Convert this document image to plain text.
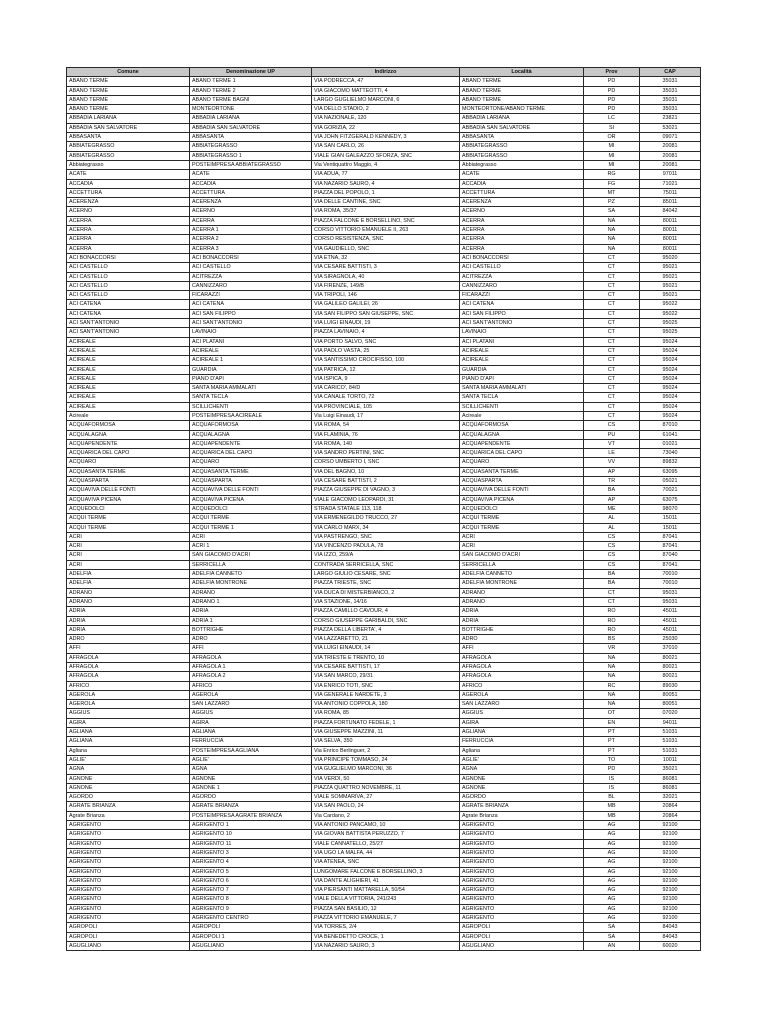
Comune	Denominazione UP	Indirizzo	Località	Prov	CAP
ABANO TERME	ABANO TERME 1	VIA PODRECCA, 47	ABANO TERME	PD	35031
ABANO TERME	ABANO TERME 2	VIA GIACOMO MATTEOTTI, 4	ABANO TERME	PD	35031
ABANO TERME	ABANO TERME BAGNI	LARGO GUGLIELMO MARCONI, 6	ABANO TERME	PD	35031
ABANO TERME	MONTEORTONE	VIA DELLO STADIO, 2	MONTEORTONE/ABANO TERME	PD	35031
ABBADIA LARIANA	ABBADIA LARIANA	VIA NAZIONALE, 120	ABBADIA LARIANA	LC	23821
ABBADIA SAN SALVATORE	ABBADIA SAN SALVATORE	VIA GORIZIA, 22	ABBADIA SAN SALVATORE	SI	53021
ABBASANTA	ABBASANTA	VIA JOHN FITZGERALD KENNEDY, 3	ABBASANTA	OR	09071
ABBIATEGRASSO	ABBIATEGRASSO	VIA SAN CARLO, 26	ABBIATEGRASSO	MI	20081
ABBIATEGRASSO	ABBIATEGRASSO 1	VIALE GIAN GALEAZZO SFORZA, SNC	ABBIATEGRASSO	MI	20081
Abbiategrasso	POSTEIMPRESA ABBIATEGRASSO	Via Ventiquattro Maggio, 4	Abbiategrasso	MI	20081
ACATE	ACATE	VIA ADUA, 77	ACATE	RG	97011
ACCADIA	ACCADIA	VIA NAZARIO SAURO, 4	ACCADIA	FG	71021
ACCETTURA	ACCETTURA	PIAZZA DEL POPOLO, 1	ACCETTURA	MT	75011
ACERENZA	ACERENZA	VIA DELLE CANTINE, SNC	ACERENZA	PZ	85011
ACERNO	ACERNO	VIA ROMA, 35/37	ACERNO	SA	84042
ACERRA	ACERRA	PIAZZA FALCONE E BORSELLINO, SNC	ACERRA	NA	80011
ACERRA	ACERRA 1	CORSO VITTORIO EMANUELE II, 263	ACERRA	NA	80011
ACERRA	ACERRA 2	CORSO RESISTENZA, SNC	ACERRA	NA	80011
ACERRA	ACERRA 3	VIA GAUDIELLO, SNC	ACERRA	NA	80011
ACI BONACCORSI	ACI BONACCORSI	VIA ETNA, 32	ACI BONACCORSI	CT	95020
ACI CASTELLO	ACI CASTELLO	VIA CESARE BATTISTI, 3	ACI CASTELLO	CT	95021
ACI CASTELLO	ACITREZZA	VIA SIRAGNOLA, 40	ACITREZZA	CT	95021
ACI CASTELLO	CANNIZZARO	VIA FIRENZE, 149/B	CANNIZZARO	CT	95021
ACI CASTELLO	FICARAZZI	VIA TRIPOLI, 146	FICARAZZI	CT	95021
ACI CATENA	ACI CATENA	VIA GALILEO GALILEI, 26	ACI CATENA	CT	95022
ACI CATENA	ACI SAN FILIPPO	VIA SAN FILIPPO SAN GIUSEPPE, SNC	ACI SAN FILIPPO	CT	95022
ACI SANT'ANTONIO	ACI SANT'ANTONIO	VIA LUIGI EINAUDI, 19	ACI SANT'ANTONIO	CT	95025
ACI SANT'ANTONIO	LAVINAIO	PIAZZA LAVINAIO, 4	LAVINAIO	CT	95025
ACIREALE	ACI PLATANI	VIA PORTO SALVO, SNC	ACI PLATANI	CT	95024
ACIREALE	ACIREALE	VIA PAOLO VASTA, 25	ACIREALE	CT	95024
ACIREALE	ACIREALE 1	VIA SANTISSIMO CROCIFISSO, 100	ACIREALE	CT	95024
ACIREALE	GUARDIA	VIA PATRICA, 12	GUARDIA	CT	95024
ACIREALE	PIANO D'API	VIA ISPICA, 9	PIANO D'API	CT	95024
ACIREALE	SANTA MARIA AMMALATI	VIA CARICO', 84/D	SANTA MARIA AMMALATI	CT	95024
ACIREALE	SANTA TECLA	VIA CANALE TORTO, 72	SANTA TECLA	CT	95024
ACIREALE	SCILLICHENTI	VIA PROVINCIALE, 105	SCILLICHENTI	CT	95024
Acireale	POSTEIMPRESA ACIREALE	Via Luigi Einaudi, 17	Acireale	CT	95024
ACQUAFORMOSA	ACQUAFORMOSA	VIA ROMA, 54	ACQUAFORMOSA	CS	87010
ACQUALAGNA	ACQUALAGNA	VIA FLAMINIA, 76	ACQUALAGNA	PU	61041
ACQUAPENDENTE	ACQUAPENDENTE	VIA ROMA, 140	ACQUAPENDENTE	VT	01021
ACQUARICA DEL CAPO	ACQUARICA DEL CAPO	VIA SANDRO PERTINI, SNC	ACQUARICA DEL CAPO	LE	73040
ACQUARO	ACQUARO	CORSO UMBERTO I, SNC	ACQUARO	VV	89832
ACQUASANTA TERME	ACQUASANTA TERME	VIA DEL BAGNO, 10	ACQUASANTA TERME	AP	63095
ACQUASPARTA	ACQUASPARTA	VIA CESARE BATTISTI, 2	ACQUASPARTA	TR	05021
ACQUAVIVA DELLE FONTI	ACQUAVIVA DELLE FONTI	PIAZZA GIUSEPPE DI VAGNO, 3	ACQUAVIVA DELLE FONTI	BA	70021
ACQUAVIVA PICENA	ACQUAVIVA PICENA	VIALE GIACOMO LEOPARDI, 31	ACQUAVIVA PICENA	AP	63075
ACQUEDOLCI	ACQUEDOLCI	STRADA STATALE 113, 118	ACQUEDOLCI	ME	98070
ACQUI TERME	ACQUI TERME	VIA ERMENEGILDO TRUCCO, 27	ACQUI TERME	AL	15011
ACQUI TERME	ACQUI TERME 1	VIA CARLO MARX, 34	ACQUI TERME	AL	15011
ACRI	ACRI	VIA PASTRENGO, SNC	ACRI	CS	87041
ACRI	ACRI 1	VIA VINCENZO PADULA, 78	ACRI	CS	87041
ACRI	SAN GIACOMO D'ACRI	VIA IZZO, 259/A	SAN GIACOMO D'ACRI	CS	87040
ACRI	SERRICELLA	CONTRADA SERRICELLA, SNC	SERRICELLA	CS	87041
ADELFIA	ADELFIA CANNETO	LARGO GIULIO CESARE, SNC	ADELFIA CANNETO	BA	70010
ADELFIA	ADELFIA MONTRONE	PIAZZA TRIESTE, SNC	ADELFIA MONTRONE	BA	70010
ADRANO	ADRANO	VIA DUCA DI MISTERBIANCO, 2	ADRANO	CT	95031
ADRANO	ADRANO 1	VIA STAZIONE, 14/16	ADRANO	CT	95031
ADRIA	ADRIA	PIAZZA CAMILLO CAVOUR, 4	ADRIA	RO	45011
ADRIA	ADRIA 1	CORSO GIUSEPPE GARIBALDI, SNC	ADRIA	RO	45011
ADRIA	BOTTRIGHE	PIAZZA DELLA LIBERTA', 4	BOTTRIGHE	RO	45011
ADRO	ADRO	VIA LAZZARETTO, 21	ADRO	BS	25030
AFFI	AFFI	VIA LUIGI EINAUDI, 14	AFFI	VR	37010
AFRAGOLA	AFRAGOLA	VIA TRIESTE E TRENTO, 10	AFRAGOLA	NA	80021
AFRAGOLA	AFRAGOLA 1	VIA CESARE BATTISTI, 17	AFRAGOLA	NA	80021
AFRAGOLA	AFRAGOLA 2	VIA SAN MARCO, 29/31	AFRAGOLA	NA	80021
AFRICO	AFRICO	VIA ENRICO TOTI, SNC	AFRICO	RC	89030
AGEROLA	AGEROLA	VIA GENERALE NARDETE, 3	AGEROLA	NA	80051
AGEROLA	SAN LAZZARO	VIA ANTONIO COPPOLA, 180	SAN LAZZARO	NA	80051
AGGIUS	AGGIUS	VIA ROMA, 85	AGGIUS	OT	07020
AGIRA	AGIRA	PIAZZA FORTUNATO FEDELE, 1	AGIRA	EN	94011
AGLIANA	AGLIANA	VIA GIUSEPPE MAZZINI, 11	AGLIANA	PT	51031
AGLIANA	FERRUCCIA	VIA SELVA, 350	FERRUCCIA	PT	51031
Agliana	POSTEIMPRESA AGLIANA	Via Enrico Berlinguer, 2	Agliana	PT	51031
AGLIE'	AGLIE'	VIA PRINCIPE TOMMASO, 24	AGLIE'	TO	10011
AGNA	AGNA	VIA GUGLIELMO MARCONI, 36	AGNA	PD	35021
AGNONE	AGNONE	VIA VERDI, 50	AGNONE	IS	86081
AGNONE	AGNONE 1	PIAZZA QUATTRO NOVEMBRE, 11	AGNONE	IS	86081
AGORDO	AGORDO	VIALE SOMMARIVA, 27	AGORDO	BL	32021
AGRATE BRIANZA	AGRATE BRIANZA	VIA SAN PAOLO, 24	AGRATE BRIANZA	MB	20864
Agrate Brianza	POSTEIMPRESA AGRATE BRIANZA	Via Cardano, 2	Agrate Brianza	MB	20864
AGRIGENTO	AGRIGENTO 1	VIA ANTONIO PANCAMO, 10	AGRIGENTO	AG	92100
AGRIGENTO	AGRIGENTO 10	VIA GIOVAN BATTISTA PERUZZO, 7	AGRIGENTO	AG	92100
AGRIGENTO	AGRIGENTO 11	VIALE CANNATELLO, 25/27	AGRIGENTO	AG	92100
AGRIGENTO	AGRIGENTO 3	VIA UGO LA MALFA, 44	AGRIGENTO	AG	92100
AGRIGENTO	AGRIGENTO 4	VIA ATENEA, SNC	AGRIGENTO	AG	92100
AGRIGENTO	AGRIGENTO 5	LUNGOMARE FALCONE E BORSELLINO, 3	AGRIGENTO	AG	92100
AGRIGENTO	AGRIGENTO 6	VIA DANTE ALIGHIERI, 41	AGRIGENTO	AG	92100
AGRIGENTO	AGRIGENTO 7	VIA PIERSANTI MATTARELLA, 50/54	AGRIGENTO	AG	92100
AGRIGENTO	AGRIGENTO 8	VIALE DELLA VITTORIA, 241/243	AGRIGENTO	AG	92100
AGRIGENTO	AGRIGENTO 9	PIAZZA SAN BASILIO, 12	AGRIGENTO	AG	92100
AGRIGENTO	AGRIGENTO CENTRO	PIAZZA VITTORIO EMANUELE, 7	AGRIGENTO	AG	92100
AGROPOLI	AGROPOLI	VIA TORRES, 2/4	AGROPOLI	SA	84043
AGROPOLI	AGROPOLI 1	VIA BENEDETTO CROCE, 1	AGROPOLI	SA	84043
AGUGLIANO	AGUGLIANO	VIA NAZARIO SAURO, 3	AGUGLIANO	AN	60020
